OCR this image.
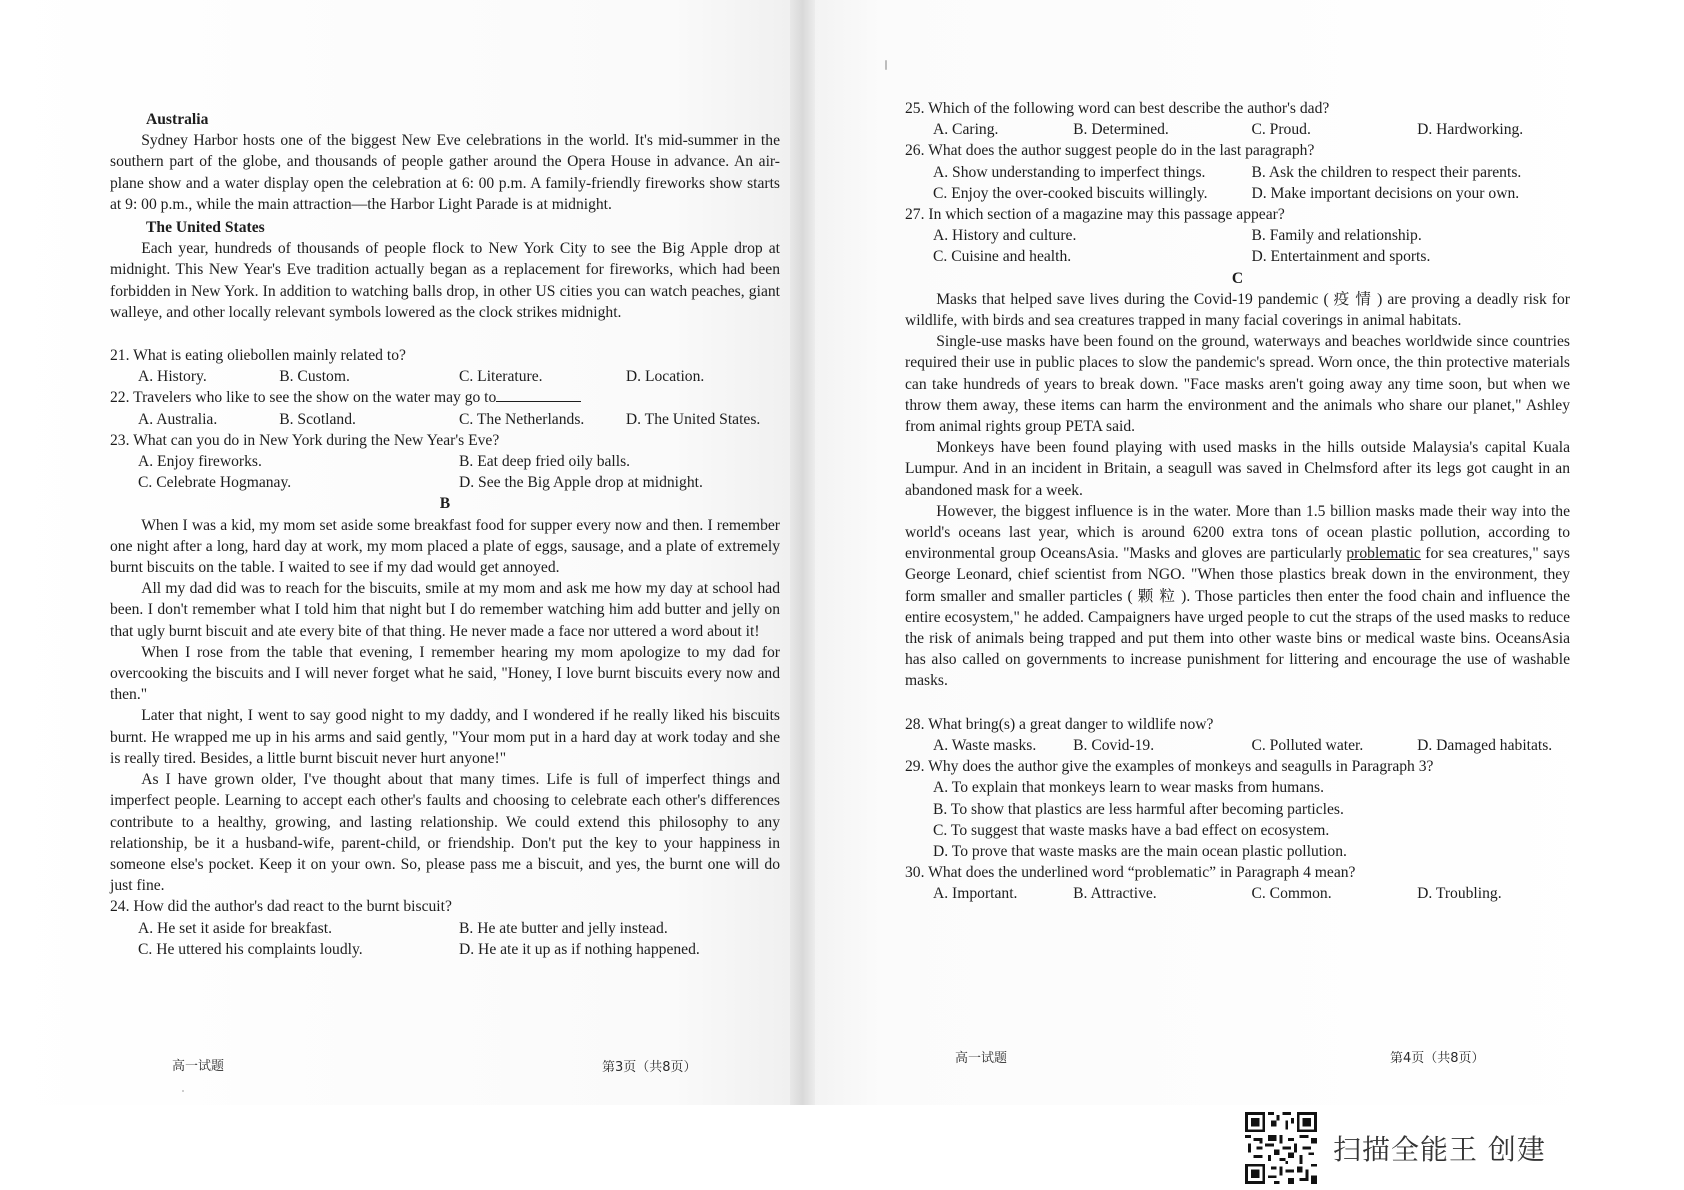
Australia

Sydney Harbor hosts one of the biggest New Eve celebrations in the world. It's mid-summer in the southern part of the globe, and thousands of people gather around the Opera House in advance. An air-plane show and a water display open the celebration at 6: 00 p.m. A family-friendly fireworks show starts at 9: 00 p.m., while the main attraction—the Harbor Light Parade is at midnight.

The United States

Each year, hundreds of thousands of people flock to New York City to see the Big Apple drop at midnight. This New Year's Eve tradition actually began as a replacement for fireworks, which had been forbidden in New York. In addition to watching balls drop, in other US cities you can watch peaches, giant walleye, and other locally relevant symbols lowered as the clock strikes midnight.

21. What is eating oliebollen mainly related to?
A. History.	B. Custom.	C. Literature.	D. Location.
22. Travelers who like to see the show on the water may go to
A. Australia.	B. Scotland.	C. The Netherlands.	D. The United States.
23. What can you do in New York during the New Year's Eve?
A. Enjoy fireworks.	B. Eat deep fried oily balls.
C. Celebrate Hogmanay.	D. See the Big Apple drop at midnight.
B

When I was a kid, my mom set aside some breakfast food for supper every now and then. I remember one night after a long, hard day at work, my mom placed a plate of eggs, sausage, and a plate of extremely burnt biscuits on the table. I waited to see if my dad would get annoyed.

All my dad did was to reach for the biscuits, smile at my mom and ask me how my day at school had been. I don't remember what I told him that night but I do remember watching him add butter and jelly on that ugly burnt biscuit and ate every bite of that thing. He never made a face nor uttered a word about it!

When I rose from the table that evening, I remember hearing my mom apologize to my dad for overcooking the biscuits and I will never forget what he said, "Honey, I love burnt biscuits every now and then."

Later that night, I went to say good night to my daddy, and I wondered if he really liked his biscuits burnt. He wrapped me up in his arms and said gently, "Your mom put in a hard day at work today and she is really tired. Besides, a little burnt biscuit never hurt anyone!"

As I have grown older, I've thought about that many times. Life is full of imperfect things and imperfect people. Learning to accept each other's faults and choosing to celebrate each other's differences contribute to a healthy, growing, and lasting relationship. We could extend this philosophy to any relationship, be it a husband-wife, parent-child, or friendship. Don't put the key to your happiness in someone else's pocket. Keep it on your own. So, please pass me a biscuit, and yes, the burnt one will do just fine.

24. How did the author's dad react to the burnt biscuit?
A. He set it aside for breakfast.	B. He ate butter and jelly instead.
C. He uttered his complaints loudly.	D. He ate it up as if nothing happened.
高一试题	第3页（共8页）
25. Which of the following word can best describe the author's dad?
A. Caring.	B. Determined.	C. Proud.	D. Hardworking.
26. What does the author suggest people do in the last paragraph?
A. Show understanding to imperfect things.	B. Ask the children to respect their parents.
C. Enjoy the over-cooked biscuits willingly.	D. Make important decisions on your own.
27. In which section of a magazine may this passage appear?
A. History and culture.	B. Family and relationship.
C. Cuisine and health.	D. Entertainment and sports.
C

Masks that helped save lives during the Covid-19 pandemic ( 疫 情 ) are proving a deadly risk for wildlife, with birds and sea creatures trapped in many facial coverings in animal habitats.

Single-use masks have been found on the ground, waterways and beaches worldwide since countries required their use in public places to slow the pandemic's spread. Worn once, the thin protective materials can take hundreds of years to break down. "Face masks aren't going away any time soon, but when we throw them away, these items can harm the environment and the animals who share our planet," Ashley from animal rights group PETA said.

Monkeys have been found playing with used masks in the hills outside Malaysia's capital Kuala Lumpur. And in an incident in Britain, a seagull was saved in Chelmsford after its legs got caught in an abandoned mask for a week.

However, the biggest influence is in the water. More than 1.5 billion masks made their way into the world's oceans last year, which is around 6200 extra tons of ocean plastic pollution, according to environmental group OceansAsia. "Masks and gloves are particularly problematic for sea creatures," says George Leonard, chief scientist from NGO. "When those plastics break down in the environment, they form smaller and smaller particles ( 颗 粒 ). Those particles then enter the food chain and influence the entire ecosystem," he added. Campaigners have urged people to cut the straps of the used masks to reduce the risk of animals being trapped and put them into other waste bins or medical waste bins. OceansAsia has also called on governments to increase punishment for littering and encourage the use of washable masks.

28. What bring(s) a great danger to wildlife now?
A. Waste masks.	B. Covid-19.	C. Polluted water.	D. Damaged habitats.
29. Why does the author give the examples of monkeys and seagulls in Paragraph 3?
A. To explain that monkeys learn to wear masks from humans.
B. To show that plastics are less harmful after becoming particles.
C. To suggest that waste masks have a bad effect on ecosystem.
D. To prove that waste masks are the main ocean plastic pollution.
30. What does the underlined word “problematic” in Paragraph 4 mean?
A. Important.	B. Attractive.	C. Common.	D. Troubling.
高一试题	第4页（共8页）
扫描全能王 创建
